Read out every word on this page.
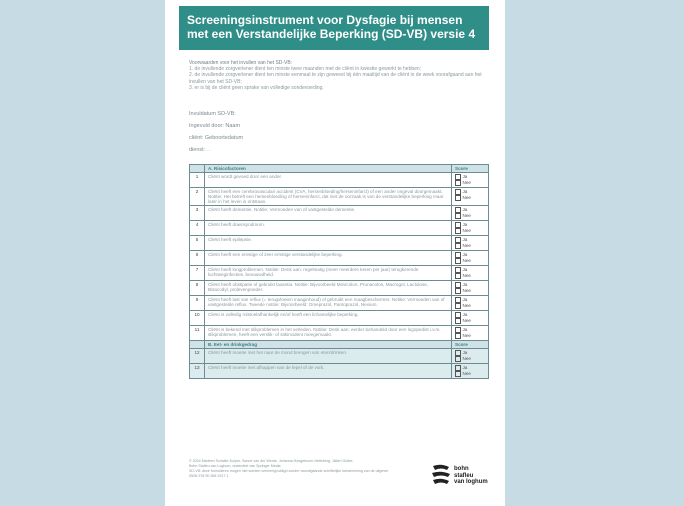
Screeningsinstrument voor Dysfagie bij mensen
met een Verstandelijke Beperking (SD-VB) versie 4
Voorwaarden voor het invullen van het SD-VB:
1. de invullende zorgverlener dient ten minste twee maanden met de cliënt in kwestie gewerkt te hebben;
2. de invullende zorgverlener dient ten minste eenmaal te zijn geweest bij één maaltijd van de cliënt in de week voorafgaand aan het invullen van het SD-VB;
3. er is bij de cliënt geen sprake van volledige sondevoeding.
Invuldatum SD-VB:
Ingevuld door: Naam
cliënt: Geboortedatum
dienst: ...
	A. Risicofactoren	Score
1	Cliënt wordt gevoed door een ander.	Ja
Nee

2	Cliënt heeft een cerebrovasculair accident (CVA, hersenbloeding/herseninfarct) of een ander ongeval doorgemaakt. Notitie: Het betreft een hersenbloeding of herseninfarct, dat niet de oorzaak is van de verstandelijke beperking maar later in het leven is ontstaan.	Ja
Nee

3	Cliënt heeft dementie. Notitie: Vermoeden van of vastgestelde dementie.	Ja
Nee

4	Cliënt heeft downsyndroom.	Ja
Nee

5	Cliënt heeft epilepsie.	Ja
Nee

6	Cliënt heeft een ernstige of zeer ernstige verstandelijke beperking.	Ja
Nee

7	Cliënt heeft longproblemen. Notitie: Denk aan: regelmatig (meer meerdere keren per jaar) terugkerende luchtweginfecties, benauwdheid.	Ja
Nee

8	Cliënt heeft obstipatie of gebruikt laxantia. Notitie: Bijvoorbeeld Movicolon, Prunacolon, Macrogol, Lactulose, Bisacodyl, prolevenpoeder.	Ja
Nee

9	Cliënt heeft last van reflux (= terugvloeien maaginhoud) of gebruikt een maagbeschermer. Notitie: Vermoeden van of vastgestelde reflux. Tweede notitie: Bijvoorbeeld: Omeprazol, Pantoprazol, Nexium.	Ja
Nee

10	Cliënt is volledig rolstoelafhankelijk en/of heeft een lichamelijke beperking.	Ja
Nee

11	Cliënt is bekend met slikproblemen in het verleden. Notitie: Denk aan: eerder behandeld door een logopedist i.v.m. slikproblemen, heeft een verslik- of stikincident meegemaakt.	Ja
Nee

	B. Eet- en drinkgedrag	Score
12	Cliënt heeft moeite met het naar de mond brengen van eten/drinken.	Ja
Nee

13	Cliënt heeft moeite met afhappen van de lepel of de vork.	Ja
Nee
© 2024 Marleen Schaller-Kuiper, Sanne van der Werde, Johanna Hoogeboom-Hettsberg, Jildert Gutter,
Bohn Stafleu van Loghum, onderdeel van Springer Media
SD-VB: deze formulieren mogen niet worden vermenigvuldigd zonder voorafgaande schriftelijke toestemming van de uitgever
ISBN 978 90 368 2917 1
bohn
stafleu
van loghum
